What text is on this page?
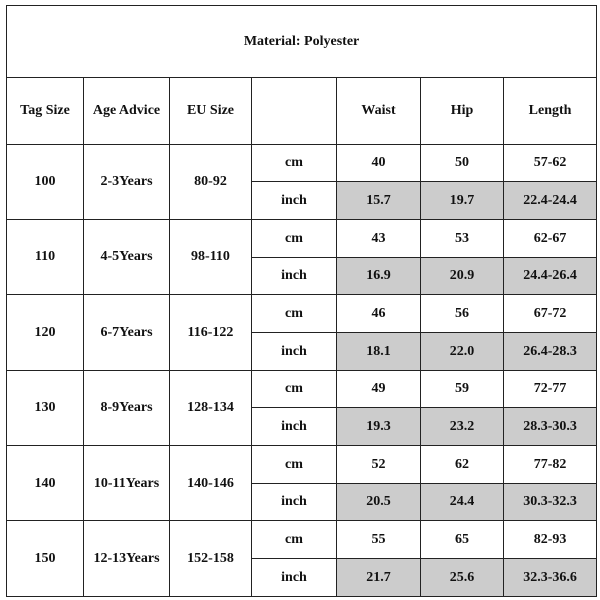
Material: Polyester						
Tag Size	Age Advice	EU Size		Waist	Hip	Length
100	2-3Years	80-92	cm	40	50	57-62
			inch	15.7	19.7	22.4-24.4
110	4-5Years	98-110	cm	43	53	62-67
			inch	16.9	20.9	24.4-26.4
120	6-7Years	116-122	cm	46	56	67-72
			inch	18.1	22.0	26.4-28.3
130	8-9Years	128-134	cm	49	59	72-77
			inch	19.3	23.2	28.3-30.3
140	10-11Years	140-146	cm	52	62	77-82
			inch	20.5	24.4	30.3-32.3
150	12-13Years	152-158	cm	55	65	82-93
			inch	21.7	25.6	32.3-36.6
